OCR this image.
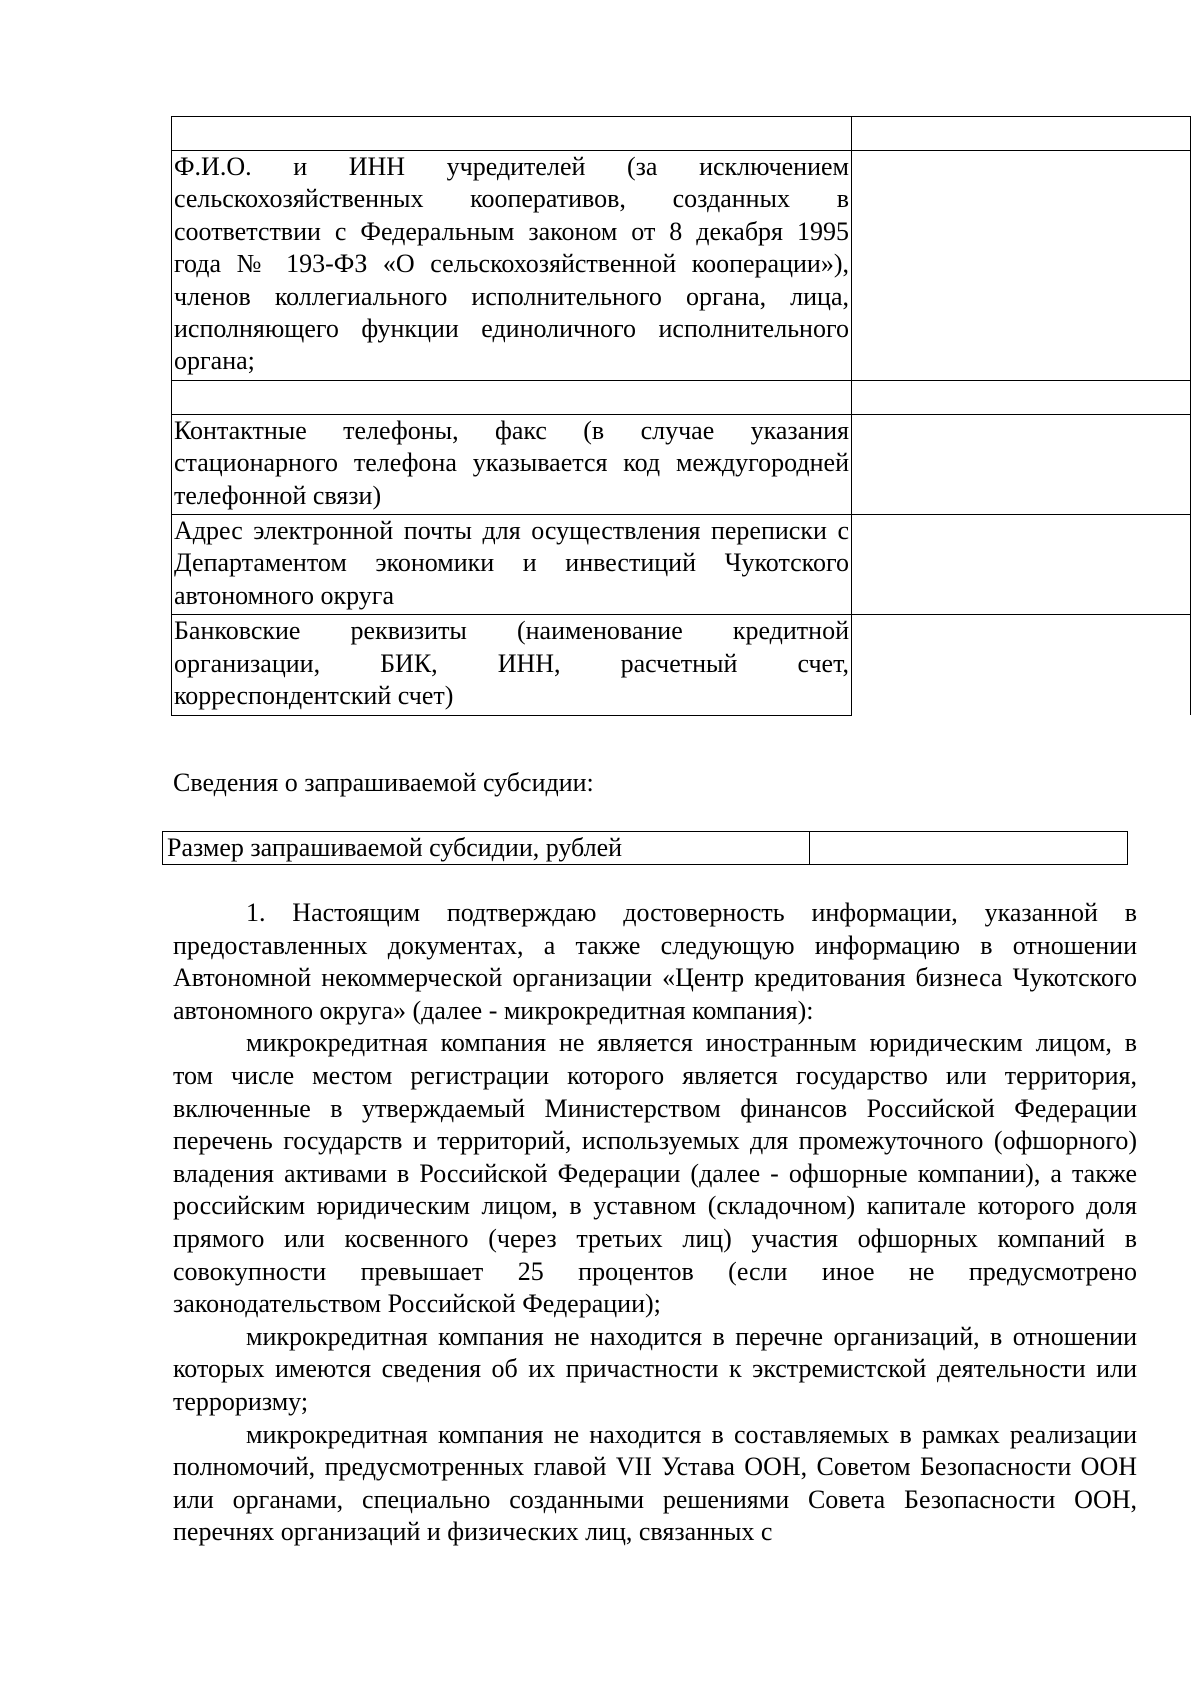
Ф.И.О. и ИНН учредителей (за исключением сельскохозяйственных кооперативов, созданных в соответствии с Федеральным законом от 8 декабря 1995 года № 193-ФЗ «О сельскохозяйственной кооперации»), членов коллегиального исполнительного органа, лица, исполняющего функции единоличного исполнительного органа;	

Контактные телефоны, факс (в случае указания стационарного телефона указывается код междугородней телефонной связи)	
Адрес электронной почты для осуществления переписки с Департаментом экономики и инвестиций Чукотского автономного округа	
Банковские реквизиты (наименование кредитной организации, БИК, ИНН, расчетный счет, корреспондентский счет)	
Сведения о запрашиваемой субсидии:
Размер запрашиваемой субсидии, рублей	

1. Настоящим подтверждаю достоверность информации, указанной в предоставленных документах, а также следующую информацию в отношении Автономной некоммерческой организации «Центр кредитования бизнеса Чукотского автономного округа» (далее - микрокредитная компания):

микрокредитная компания не является иностранным юридическим лицом, в том числе местом регистрации которого является государство или территория, включенные в утверждаемый Министерством финансов Российской Федерации перечень государств и территорий, используемых для промежуточного (офшорного) владения активами в Российской Федерации (далее - офшорные компании), а также российским юридическим лицом, в уставном (складочном) капитале которого доля прямого или косвенного (через третьих лиц) участия офшорных компаний в совокупности превышает 25 процентов (если иное не предусмотрено законодательством Российской Федерации);

микрокредитная компания не находится в перечне организаций, в отношении которых имеются сведения об их причастности к экстремистской деятельности или терроризму;

микрокредитная компания не находится в составляемых в рамках реализации полномочий, предусмотренных главой VII Устава ООН, Советом Безопасности ООН или органами, специально созданными решениями Совета Безопасности ООН, перечнях организаций и физических лиц, связанных с
